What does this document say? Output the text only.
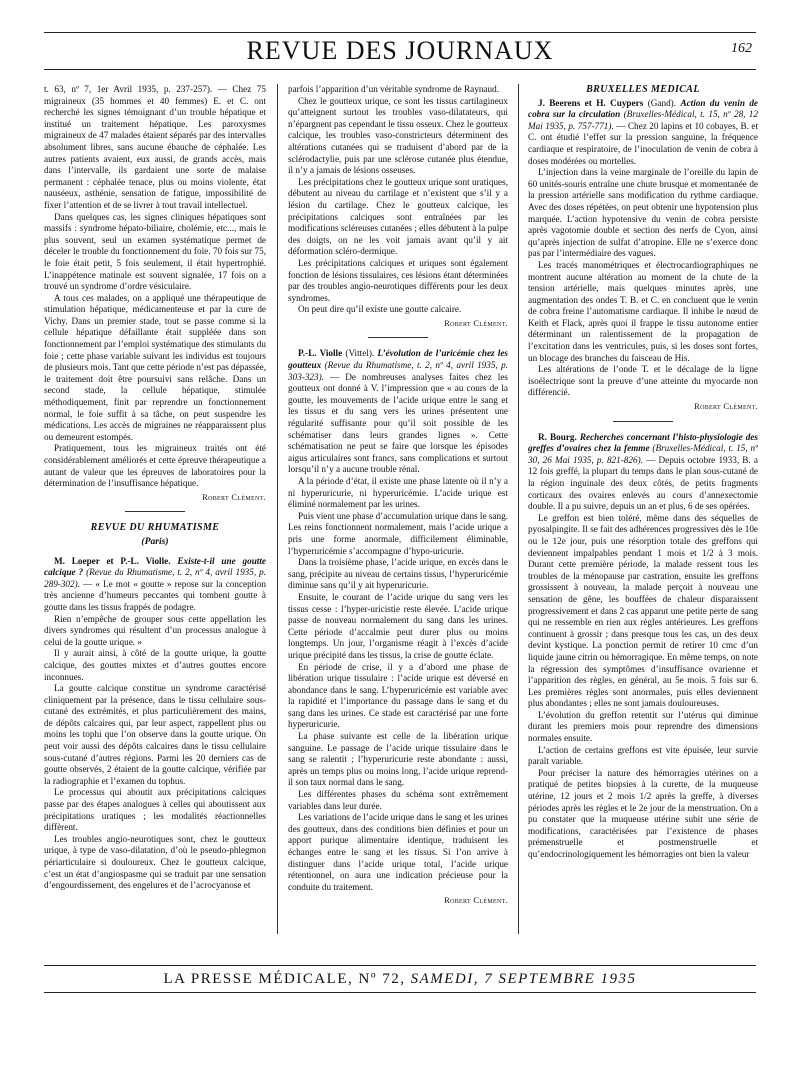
REVUE DES JOURNAUX	162

t. 63, nº 7, 1er Avril 1935, p. 237-257). — Chez 75 migraineux (35 hommes et 40 femmes) E. et C. ont recherché les signes témoignant d’un trouble hépatique et institué un traitement hépatique. Les paroxysmes migraineux de 47 malades étaient séparés par des intervalles absolument libres, sans aucune ébauche de céphalée. Les autres patients avaient, eux aussi, de grands accès, mais dans l’intervalle, ils gardaient une sorte de malaise permanent : céphalée tenace, plus ou moins violente, état nauséeux, asthénie, sensation de fatigue, impossibilité de fixer l’attention et de se livrer à tout travail intellectuel.

Dans quelques cas, les signes cliniques hépatiques sont massifs : syndrome hépato-biliaire, cholémie, etc..., mais le plus souvent, seul un examen systématique permet de déceler le trouble du fonctionnement du foie. 70 fois sur 75, le foie était petit, 5 fois seulement, il était hypertrophié. L’inappétence matinale est souvent signalée, 17 fois on a trouvé un syndrome d’ordre vésiculaire.

A tous ces malades, on a appliqué une thérapeutique de stimulation hépatique, médicamenteuse et par la cure de Vichy. Dans un premier stade, tout se passe comme si la cellule hépatique défaillante était suppléée dans son fonctionnement par l’emploi systématique des stimulants du foie ; cette phase variable suivant les individus est toujours de plusieurs mois. Tant que cette période n’est pas dépassée, le traitement doit être poursuivi sans relâche. Dans un second stade, la cellule hépatique, stimulée méthodiquement, finit par reprendre un fonctionnement normal, le foie suffit à sa tâche, on peut suspendre les médications. Les accès de migraines ne réapparaissent plus ou demeurent estompés.

Pratiquement, tous les migraineux traités ont été considérablement améliorés et cette épreuve thérapeutique a autant de valeur que les épreuves de laboratoires pour la détermination de l’insuffisance hépatique.

Robert Clément.
REVUE DU RHUMATISME
(Paris)

M. Loeper et P.-L. Violle. Existe-t-il une goutte calcique ? (Revue du Rhumatisme, t. 2, nº 4, avril 1935, p. 289-302). — « Le mot « goutte » repose sur la conception très ancienne d’humeurs peccantes qui tombent goutte à goutte dans les tissus frappés de podagre.

Rien n’empêche de grouper sous cette appellation les divers syndromes qui résultent d’un processus analogue à celui de la goutte urique. »

Il y aurait ainsi, à côté de la goutte urique, la goutte calcique, des gouttes mixtes et d’autres gouttes encore inconnues.

La goutte calcique constitue un syndrome caractérisé cliniquement par la présence, dans le tissu cellulaire sous-cutané des extrémités, et plus particulièrement des mains, de dépôts calcaires qui, par leur aspect, rappellent plus ou moins les tophi que l’on observe dans la goutte urique. On peut voir aussi des dépôts calcaires dans le tissu cellulaire sous-cutané d’autres régions. Parmi les 20 derniers cas de goutte observés, 2 étaient de la goutte calcique, vérifiée par la radiographie et l’examen du tophus.

Le processus qui aboutit aux précipitations calciques passe par des étapes analogues à celles qui aboutissent aux précipitations uratiques ; les modalités réactionnelles diffèrent.

Les troubles angio-neurotiques sont, chez le goutteux urique, à type de vaso-dilatation, d’où le pseudo-phlegmon périarticulaire si douloureux. Chez le goutteux calcique, c’est un état d’angiospasme qui se traduit par une sensation d’engourdissement, des engelures et de l’acrocyanose et

parfois l’apparition d’un véritable syndrome de Raynaud.

Chez le goutteux urique, ce sont les tissus cartilagineux qu’atteignent surtout les troubles vaso-dilatateurs, qui n’épargnent pas cependant le tissu osseux. Chez le goutteux calcique, les troubles vaso-constricteurs déterminent des altérations cutanées qui se traduisent d’abord par de la sclérodactylie, puis par une sclérose cutanée plus étendue, il n’y a jamais de lésions osseuses.

Les précipitations chez le goutteux urique sont uratiques, débutent au niveau du cartilage et n’existent que s’il y a lésion du cartilage. Chez le goutteux calcique, les précipitations calciques sont entraînées par les modifications scléreuses cutanées ; elles débutent à la pulpe des doigts, on ne les voit jamais avant qu’il y ait déformation scléro-dermique.

Les précipitations calciques et uriques sont également fonction de lésions tissulaires, ces lésions étant déterminées par des troubles angio-neurotiques différents pour les deux syndromes.

On peut dire qu’il existe une goutte calcaire.

Robert Clément.

P.-L. Violle (Vittel). L’évolution de l’uricémie chez les goutteux (Revue du Rhumatisme, t. 2, nº 4, avril 1935, p. 303-323). — De nombreuses analyses faites chez les goutteux ont donné à V. l’impression que « au cours de la goutte, les mouvements de l’acide urique entre le sang et les tissus et du sang vers les urines présentent une régularité suffisante pour qu’il soit possible de les schématiser dans leurs grandes lignes ». Cette schématisation ne peut se faire que lorsque les épisodes aigus articulaires sont francs, sans complications et surtout lorsqu’il n’y a aucune trouble rénal.

A la période d’état, il existe une phase latente où il n’y a ni hyperuricurie, ni hyperuricémie. L’acide urique est éliminé normalement par les urines.

Puis vient une phase d’accumulation urique dans le sang. Les reins fonctionnent normalement, mais l’acide urique a pris une forme anormale, difficilement éliminable, l’hyperuricémie s’accompagne d’hypo-uricurie.

Dans la troisième phase, l’acide urique, en excès dans le sang, précipite au niveau de certains tissus, l’hyperuricémie diminue sans qu’il y ait hyperuricurie.

Ensuite, le courant de l’acide urique du sang vers les tissus cesse : l’hyper-uricistie reste élevée. L’acide urique passe de nouveau normalement du sang dans les urines. Cette période d’accalmie peut durer plus ou moins longtemps. Un jour, l’organisme réagit à l’excès d’acide urique précipité dans les tissus, la crise de goutte éclate.

En période de crise, il y a d’abord une phase de libération urique tissulaire : l’acide urique est déversé en abondance dans le sang. L’hyperuricémie est variable avec la rapidité et l’importance du passage dans le sang et du sang dans les urines. Ce stade est caractérisé par une forte hyperuricurie.

La phase suivante est celle de la libération urique sanguine. Le passage de l’acide urique tissulaire dans le sang se ralentit ; l’hyperuricurie reste abondante : aussi, après un temps plus ou moins long, l’acide urique reprend-il son taux normal dans le sang.

Les différentes phases du schéma sont extrêmement variables dans leur durée.

Les variations de l’acide urique dans le sang et les urines des goutteux, dans des conditions bien définies et pour un apport purique alimentaire identique, traduisent les échanges entre le sang et les tissus. Si l’on arrive à distinguer dans l’acide urique total, l’acide urique rétentionnel, on aura une indication précieuse pour la conduite du traitement.

Robert Clément.
BRUXELLES MÉDICAL

J. Beerens et H. Cuypers (Gand). Action du venin de cobra sur la circulation (Bruxelles-Médical, t. 15, nº 28, 12 Mai 1935, p. 757-771). — Chez 20 lapins et 10 cobayes, B. et C. ont étudié l’effet sur la pression sanguine, la fréquence cardiaque et respiratoire, de l’inoculation de venin de cobra à doses modérées ou mortelles.

L’injection dans la veine marginale de l’oreille du lapin de 60 unités-souris entraîne une chute brusque et momentanée de la pression artérielle sans modification du rythme cardiaque. Avec des doses répétées, on peut obtenir une hypotension plus marquée. L’action hypotensive du venin de cobra persiste après vagotomie double et section des nerfs de Cyon, ainsi qu’après injection de sulfat d’atropine. Elle ne s’exerce donc pas par l’intermédiaire des vagues.

Les tracés manométriques et électrocardiographiques ne montrent aucune altération au moment de la chute de la tension artérielle, mais quelques minutes après, une augmentation des ondes T. B. et C. en concluent que le venin de cobra freine l’automatisme cardiaque. Il inhibe le nœud de Keith et Flack, après quoi il frappe le tissu autonome entier déterminant un ralentissement de la propagation de l’excitation dans les ventricules, puis, si les doses sont fortes, un blocage des branches du faisceau de His.

Les altérations de l’onde T. et le décalage de la ligne isoélectrique sont la preuve d’une atteinte du myocarde non différencié.

Robert Clément.

R. Bourg. Recherches concernant l’histo-physiologie des greffes d’ovaires chez la femme (Bruxelles-Médical, t. 15, nº 30, 26 Mai 1935, p. 821-826). — Depuis octobre 1933, B. a 12 fois greffé, la plupart du temps dans le plan sous-cutané de la région inguinale des deux côtés, de petits fragments corticaux des ovaires enlevés au cours d’annexectomie double. Il a pu suivre, depuis un an et plus, 6 de ses opérées.

Le greffon est bien toléré, même dans des séquelles de pyosalpingite. Il se fait des adhérences progressives dès le 10e ou le 12e jour, puis une résorption totale des greffons qui deviennent impalpables pendant 1 mois et 1/2 à 3 mois. Durant cette première période, la malade ressent tous les troubles de la ménopause par castration, ensuite les greffons grossissent à nouveau, la malade perçoit à nouveau une sensation de gêne, les bouffées de chaleur disparaissent progressivement et dans 2 cas apparut une petite perte de sang qui ne ressemble en rien aux règles antérieures. Les greffons continuent à grossir ; dans presque tous les cas, un des deux devint kystique. La ponction permit de retirer 10 cmc d’un liquide jaune citrin ou hémorragique. En même temps, on note la régression des symptômes d’insuffisance ovarienne et l’apparition des règles, en général, au 5e mois. 5 fois sur 6. Les premières règles sont anormales, puis elles deviennent plus abondantes ; elles ne sont jamais douloureuses.

L’évolution du greffon retentit sur l’utérus qui diminue durant les premiers mois pour reprendre des dimensions normales ensuite.

L’action de certains greffons est vite épuisée, leur survie paraît variable.

Pour préciser la nature des hémorragies utérines on a pratiqué de petites biopsies à la curette, de la muqueuse utérine, 12 jours et 2 mois 1/2 après la greffe, à diverses périodes après les règles et le 2e jour de la menstruation. On a pu constater que la muqueuse utérine subit une série de modifications, caractérisées par l’existence de phases prémenstruelle et postmenstruelle et qu’endocrinologiquement les hémorragies ont bien la valeur

LA PRESSE MÉDICALE, Nº 72,
SAMEDI, 7 SEPTEMBRE 1935
